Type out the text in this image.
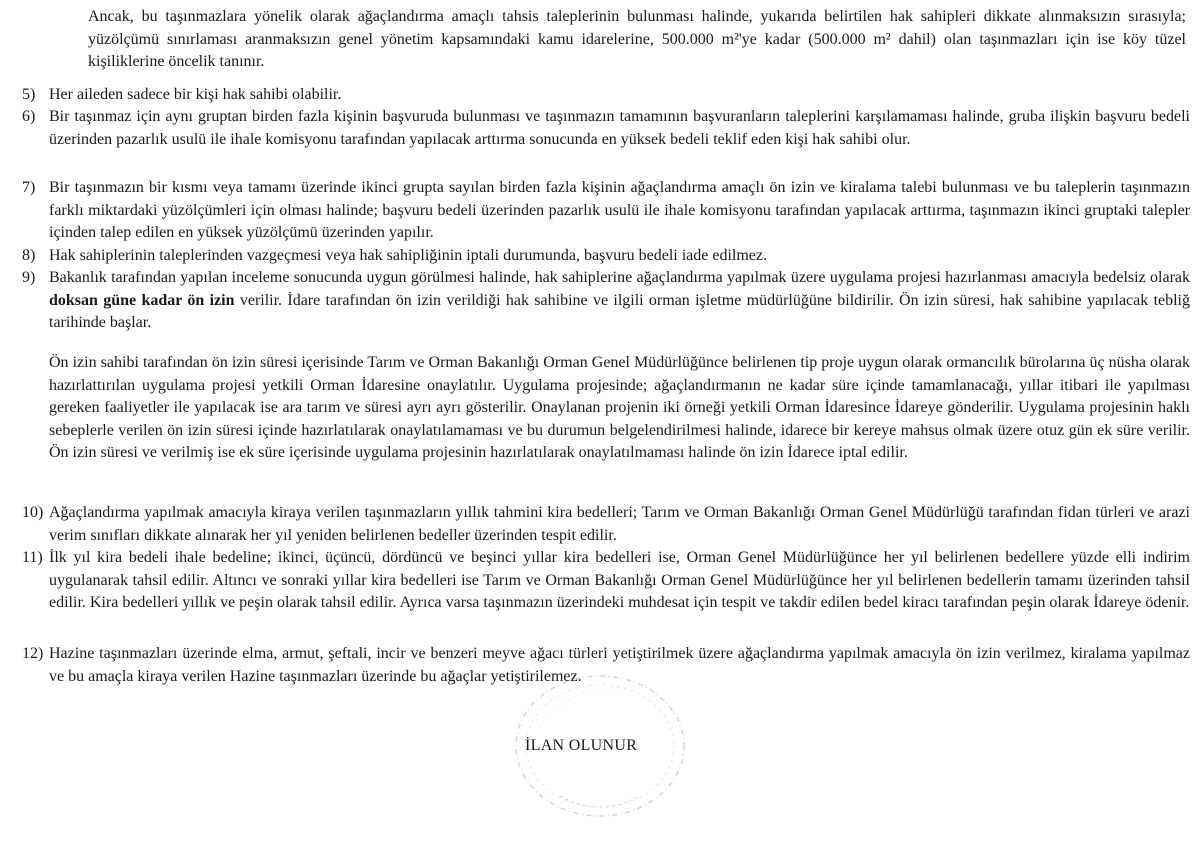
Ancak, bu taşınmazlara yönelik olarak ağaçlandırma amaçlı tahsis taleplerinin bulunması halinde, yukarıda belirtilen hak sahipleri dikkate alınmaksızın sırasıyla; yüzölçümü sınırlaması aranmaksızın genel yönetim kapsamındaki kamu idarelerine, 500.000 m²'ye kadar (500.000 m² dahil) olan taşınmazları için ise köy tüzel kişiliklerine öncelik tanınır.
5) Her aileden sadece bir kişi hak sahibi olabilir.
6) Bir taşınmaz için aynı gruptan birden fazla kişinin başvuruda bulunması ve taşınmazın tamamının başvuranların taleplerini karşılamaması halinde, gruba ilişkin başvuru bedeli üzerinden pazarlık usulü ile ihale komisyonu tarafından yapılacak arttırma sonucunda en yüksek bedeli teklif eden kişi hak sahibi olur.
7) Bir taşınmazın bir kısmı veya tamamı üzerinde ikinci grupta sayılan birden fazla kişinin ağaçlandırma amaçlı ön izin ve kiralama talebi bulunması ve bu taleplerin taşınmazın farklı miktardaki yüzölçümleri için olması halinde; başvuru bedeli üzerinden pazarlık usulü ile ihale komisyonu tarafından yapılacak arttırma, taşınmazın ikinci gruptaki talepler içinden talep edilen en yüksek yüzölçümü üzerinden yapılır.
8) Hak sahiplerinin taleplerinden vazgeçmesi veya hak sahipliğinin iptali durumunda, başvuru bedeli iade edilmez.
9) Bakanlık tarafından yapılan inceleme sonucunda uygun görülmesi halinde, hak sahiplerine ağaçlandırma yapılmak üzere uygulama projesi hazırlanması amacıyla bedelsiz olarak doksan güne kadar ön izin verilir. İdare tarafından ön izin verildiği hak sahibine ve ilgili orman işletme müdürlüğüne bildirilir. Ön izin süresi, hak sahibine yapılacak tebliğ tarihinde başlar.
Ön izin sahibi tarafından ön izin süresi içerisinde Tarım ve Orman Bakanlığı Orman Genel Müdürlüğünce belirlenen tip proje uygun olarak ormancılık bürolarına üç nüsha olarak hazırlattırılan uygulama projesi yetkili Orman İdaresine onaylatılır. Uygulama projesinde; ağaçlandırmanın ne kadar süre içinde tamamlanacağı, yıllar itibari ile yapılması gereken faaliyetler ile yapılacak ise ara tarım ve süresi ayrı ayrı gösterilir. Onaylanan projenin iki örneği yetkili Orman İdaresince İdareye gönderilir. Uygulama projesinin haklı sebeplerle verilen ön izin süresi içinde hazırlatılarak onaylatılamaması ve bu durumun belgelendirilmesi halinde, idarece bir kereye mahsus olmak üzere otuz gün ek süre verilir. Ön izin süresi ve verilmiş ise ek süre içerisinde uygulama projesinin hazırlatılarak onaylatılmaması halinde ön izin İdarece iptal edilir.
10) Ağaçlandırma yapılmak amacıyla kiraya verilen taşınmazların yıllık tahmini kira bedelleri; Tarım ve Orman Bakanlığı Orman Genel Müdürlüğü tarafından fidan türleri ve arazi verim sınıfları dikkate alınarak her yıl yeniden belirlenen bedeller üzerinden tespit edilir.
11) İlk yıl kira bedeli ihale bedeline; ikinci, üçüncü, dördüncü ve beşinci yıllar kira bedelleri ise, Orman Genel Müdürlüğünce her yıl belirlenen bedellere yüzde elli indirim uygulanarak tahsil edilir. Altıncı ve sonraki yıllar kira bedelleri ise Tarım ve Orman Bakanlığı Orman Genel Müdürlüğünce her yıl belirlenen bedellerin tamamı üzerinden tahsil edilir. Kira bedelleri yıllık ve peşin olarak tahsil edilir. Ayrıca varsa taşınmazın üzerindeki muhdesat için tespit ve takdir edilen bedel kiracı tarafından peşin olarak İdareye ödenir.
12) Hazine taşınmazları üzerinde elma, armut, şeftali, incir ve benzeri meyve ağacı türleri yetiştirilmek üzere ağaçlandırma yapılmak amacıyla ön izin verilmez, kiralama yapılmaz ve bu amaçla kiraya verilen Hazine taşınmazları üzerinde bu ağaçlar yetiştirilemez.
İLAN OLUNUR
